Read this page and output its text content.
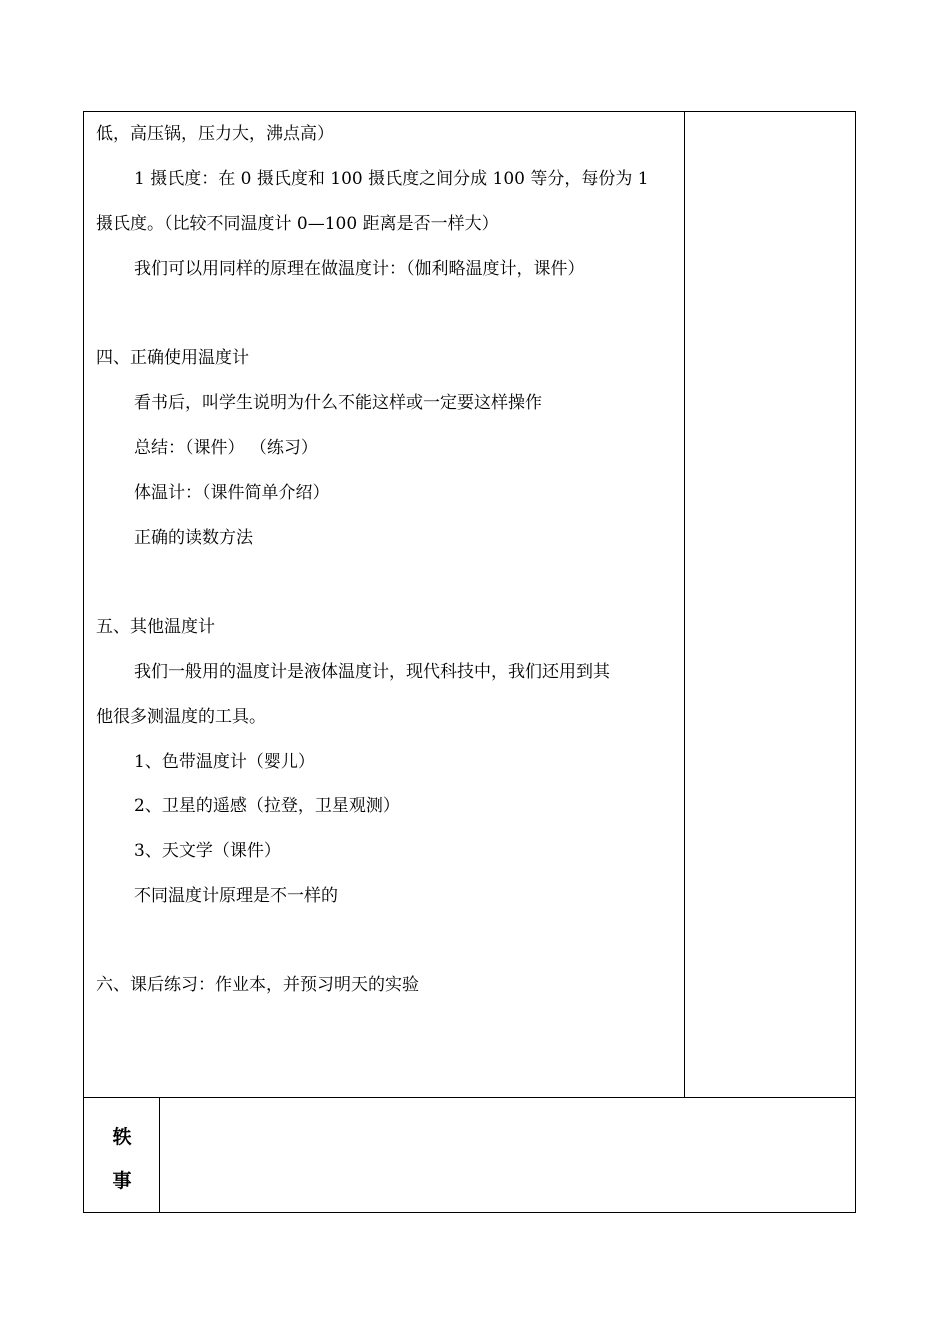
低，高压锅，压力大，沸点高）
1 摄氏度：在 0 摄氏度和 100 摄氏度之间分成 100 等分，每份为 1
摄氏度。（比较不同温度计 0—100 距离是否一样大）
我们可以用同样的原理在做温度计：（伽利略温度计，课件）
四、正确使用温度计
看书后，叫学生说明为什么不能这样或一定要这样操作
总结：（课件） （练习）
体温计：（课件简单介绍）
正确的读数方法
五、其他温度计
我们一般用的温度计是液体温度计，现代科技中，我们还用到其
他很多测温度的工具。
1、色带温度计（婴儿）
2、卫星的遥感（拉登，卫星观测）
3、天文学（课件）
不同温度计原理是不一样的
六、课后练习：作业本，并预习明天的实验
轶
事
